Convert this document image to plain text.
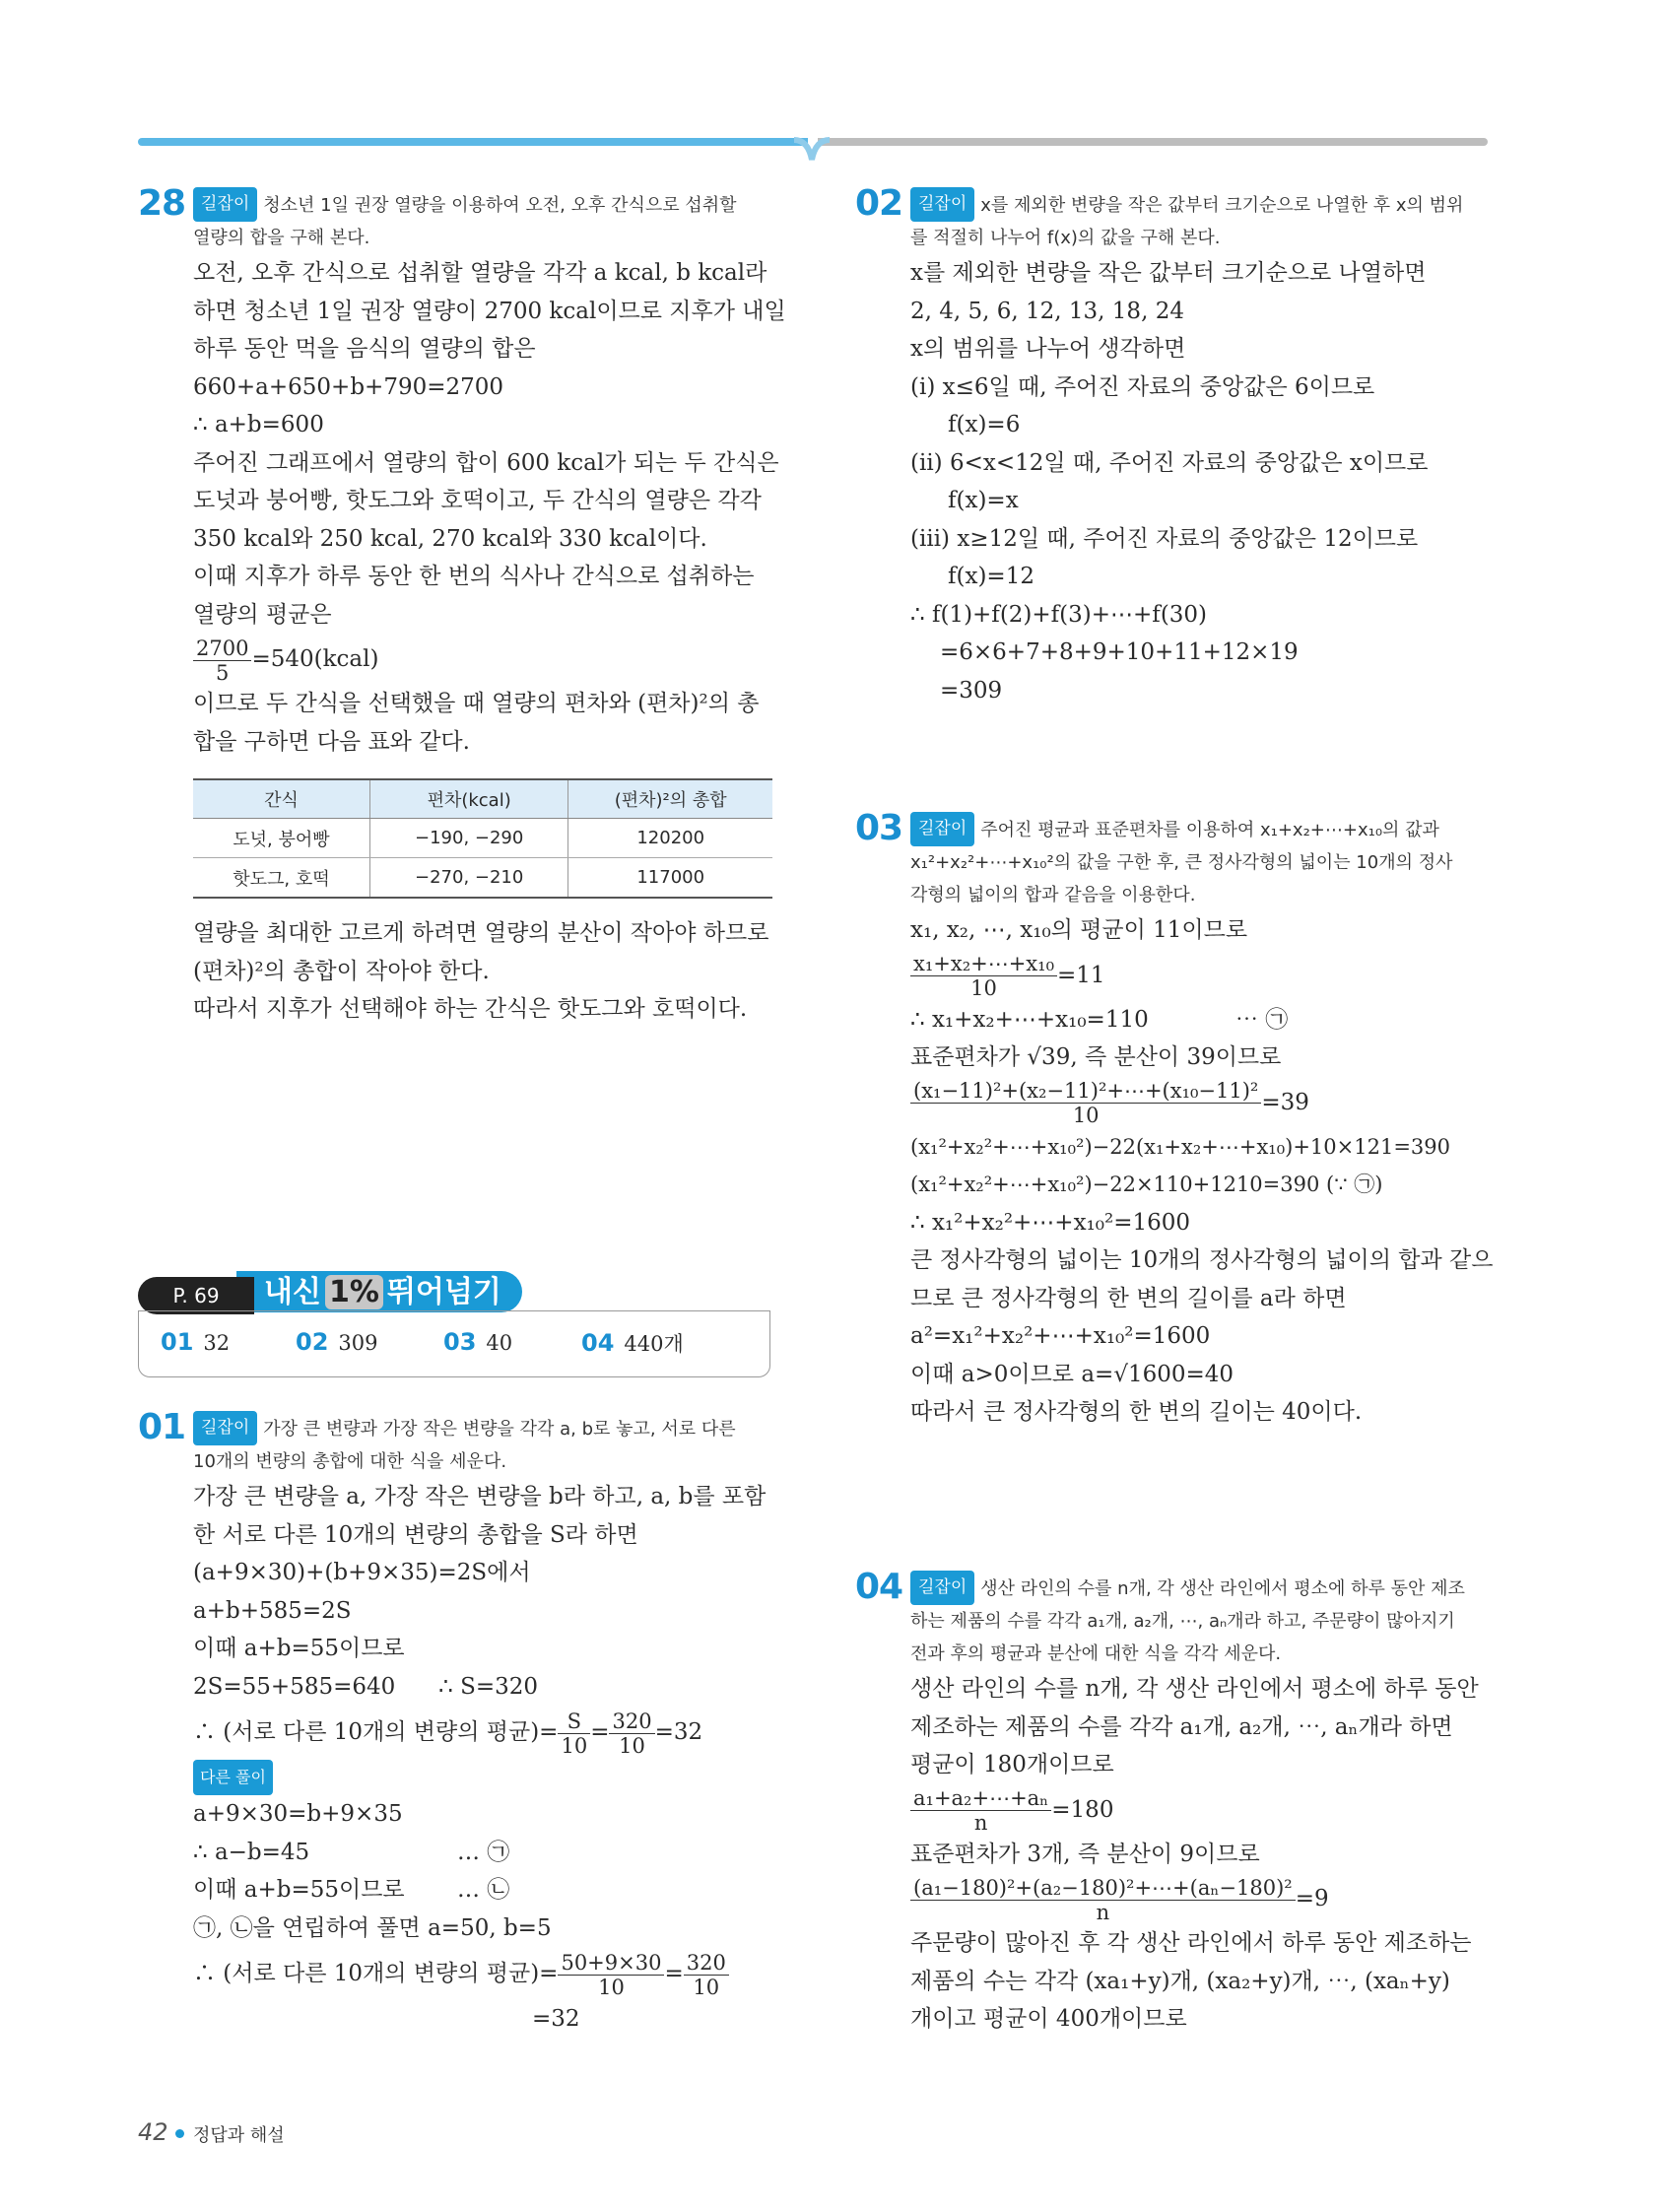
28 길잡이 청소년 1일 권장 열량을 이용하여 오전, 오후 간식으로 섭취할

열량의 합을 구해 본다.

오전, 오후 간식으로 섭취할 열량을 각각 a kcal, b kcal라

하면 청소년 1일 권장 열량이 2700 kcal이므로 지후가 내일

하루 동안 먹을 음식의 열량의 합은

660+a+650+b+790=2700

∴ a+b=600

주어진 그래프에서 열량의 합이 600 kcal가 되는 두 간식은

도넛과 붕어빵, 핫도그와 호떡이고, 두 간식의 열량은 각각

350 kcal와 250 kcal, 270 kcal와 330 kcal이다.

이때 지후가 하루 동안 한 번의 식사나 간식으로 섭취하는

열량의 평균은

$\frac{2700}{5}$ =540(kcal)

이므로 두 간식을 선택했을 때 열량의 편차와 (편차)²의 총

합을 구하면 다음 표와 같다.

간식	편차(kcal)	(편차)²의 총합
도넛, 붕어빵	−190, −290	120200
핫도그, 호떡	−270, −210	117000

열량을 최대한 고르게 하려면 열량의 분산이 작아야 하므로

(편차)²의 총합이 작아야 한다.

따라서 지후가 선택해야 하는 간식은 핫도그와 호떡이다.

P. 69	내신 1% 뛰어넘기
01 32	02 309	03 40	04 440개
01 길잡이 가장 큰 변량과 가장 작은 변량을 각각 a, b로 놓고, 서로 다른

10개의 변량의 총합에 대한 식을 세운다.

가장 큰 변량을 a, 가장 작은 변량을 b라 하고, a, b를 포함

한 서로 다른 10개의 변량의 총합을 S라 하면

(a+9×30)+(b+9×35)=2S에서

a+b+585=2S

이때 a+b=55이므로

2S=55+585=640      ∴ S=320

∴ (서로 다른 10개의 변량의 평균)= $\frac{S}{10} = \frac{320}{10} =32$

다른 풀이

a+9×30=b+9×35

∴ a−b=45	… ㉠

이때 a+b=55이므로 … ㉡

㉠, ㉡을 연립하여 풀면 a=50, b=5

∴ (서로 다른 10개의 변량의 평균)= $\frac{50+9\times 30}{10} = \frac{320}{10}$

=32

02 길잡이 x를 제외한 변량을 작은 값부터 크기순으로 나열한 후 x의 범위

를 적절히 나누어 f(x)의 값을 구해 본다.

x를 제외한 변량을 작은 값부터 크기순으로 나열하면

2, 4, 5, 6, 12, 13, 18, 24

x의 범위를 나누어 생각하면

(ⅰ) x≤6일 때, 주어진 자료의 중앙값은 6이므로

f(x)=6

(ⅱ) 6<x<12일 때, 주어진 자료의 중앙값은 x이므로

f(x)=x

(ⅲ) x≥12일 때, 주어진 자료의 중앙값은 12이므로

f(x)=12

∴ f(1)+f(2)+f(3)+⋯+f(30)

=6×6+7+8+9+10+11+12×19

=309

03 길잡이 주어진 평균과 표준편차를 이용하여 x₁+x₂+⋯+x₁₀의 값과

x₁²+x₂²+⋯+x₁₀²의 값을 구한 후, 큰 정사각형의 넓이는 10개의 정사

각형의 넓이의 합과 같음을 이용한다.

x₁, x₂, ⋯, x₁₀의 평균이 11이므로

$\frac{\text{x₁+x₂+⋯+x₁₀}}{10} =11$

∴ x₁+x₂+⋯+x₁₀=110	⋯ ㉠

표준편차가 √39, 즉 분산이 39이므로

$\frac{\text{(x₁−11)²+(x₂−11)²+⋯+(x₁₀−11)²}}{10} =39$

(x₁²+x₂²+⋯+x₁₀²)−22(x₁+x₂+⋯+x₁₀)+10×121=390

(x₁²+x₂²+⋯+x₁₀²)−22×110+1210=390 (∵ ㉠)

∴ x₁²+x₂²+⋯+x₁₀²=1600

큰 정사각형의 넓이는 10개의 정사각형의 넓이의 합과 같으

므로 큰 정사각형의 한 변의 길이를 a라 하면

a²=x₁²+x₂²+⋯+x₁₀²=1600

이때 a>0이므로 a=√1600=40

따라서 큰 정사각형의 한 변의 길이는 40이다.

04 길잡이 생산 라인의 수를 n개, 각 생산 라인에서 평소에 하루 동안 제조

하는 제품의 수를 각각 a₁개, a₂개, ⋯, aₙ개라 하고, 주문량이 많아지기

전과 후의 평균과 분산에 대한 식을 각각 세운다.

생산 라인의 수를 n개, 각 생산 라인에서 평소에 하루 동안

제조하는 제품의 수를 각각 a₁개, a₂개, ⋯, aₙ개라 하면

평균이 180개이므로

$\frac{\text{a₁+a₂+⋯+aₙ}}{n} =180$

표준편차가 3개, 즉 분산이 9이므로

$\frac{\text{(a₁−180)²+(a₂−180)²+⋯+(aₙ−180)²}}{n} =9$

주문량이 많아진 후 각 생산 라인에서 하루 동안 제조하는

제품의 수는 각각 (xa₁+y)개, (xa₂+y)개, ⋯, (xaₙ+y)

개이고 평균이 400개이므로

42 정답과 해설
